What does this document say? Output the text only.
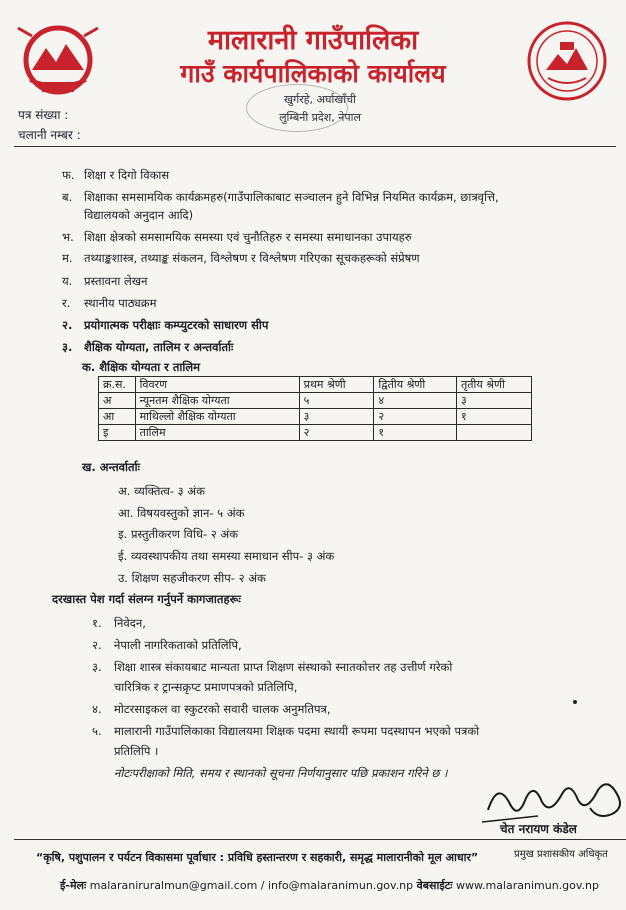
मालारानी गाउँपालिका
गाउँ कार्यपालिकाको कार्यालय
खुर्गरहे, अर्घाखाँची
लुम्बिनी प्रदेश, नेपाल
पत्र संख्या :
चलानी नम्बर :
फ. शिक्षा र दिगो विकास
ब. शिक्षाका समसामयिक कार्यक्रमहरु(गाउँपालिकाबाट सञ्चालन हुने विभिन्न नियमित कार्यक्रम, छात्रवृत्ति,
विद्यालयको अनुदान आदि)
भ. शिक्षा क्षेत्रको समसामयिक समस्या एवं चुनौतिहरु र समस्या समाधानका उपायहरु
म. तथ्याङ्कशास्त्र, तथ्याङ्क संकलन, विश्लेषण र विश्लेषण गरिएका सूचकहरूको संप्रेषण
य. प्रस्तावना लेखन
र. स्थानीय पाठ्यक्रम
२. प्रयोगात्मक परीक्षाः कम्प्युटरको साधारण सीप
३. शैक्षिक योग्यता, तालिम र अन्तर्वार्ताः
क. शैक्षिक योग्यता र तालिम
क्र.स.	विवरण	प्रथम श्रेणी	द्वितीय श्रेणी	तृतीय श्रेणी
अ	न्यूनतम शैक्षिक योग्यता	५	४	३
आ	माथिल्लो शैक्षिक योग्यता	३	२	१
इ	तालिम	२	१	
ख. अन्तर्वार्ताः
अ. व्यक्तित्व- ३ अंक
आ. विषयवस्तुको ज्ञान- ५ अंक
इ. प्रस्तुतीकरण विधि- २ अंक
ई. व्यवस्थापकीय तथा समस्या समाधान सीप- ३ अंक
उ. शिक्षण सहजीकरण सीप- २ अंक
दरखास्त पेश गर्दा संलग्न गर्नुपर्ने कागजातहरूः
१. निवेदन,
२. नेपाली नागरिकताको प्रतिलिपि,
३. शिक्षा शास्त्र संकायबाट मान्यता प्राप्त शिक्षण संस्थाको स्नातकोत्तर तह उत्तीर्ण गरेको
चारित्रिक र ट्रान्सक्रृप्ट प्रमाणपत्रको प्रतिलिपि,
४. मोटरसाइकल वा स्कुटरको सवारी चालक अनुमतिपत्र,
५. मालारानी गाउँपालिकाका विद्यालयमा शिक्षक पदमा स्थायी रूपमा पदस्थापन भएको पत्रको
प्रतिलिपि ।
नोटःपरीक्षाको मिति, समय र स्थानको सूचना निर्णयानुसार पछि प्रकाशन गरिने छ ।
चेत नरायण कंडेल
प्रमुख प्रशासकीय अधिकृत
“कृषि, पशुपालन र पर्यटन विकासमा पूर्वाधार : प्रविधि हस्तान्तरण र सहकारी, समृद्ध मालारानीको मूल आधार”
ई-मेलः malaraniruralmun@gmail.com / info@malaranimun.gov.np वेबसाईटः www.malaranimun.gov.np
